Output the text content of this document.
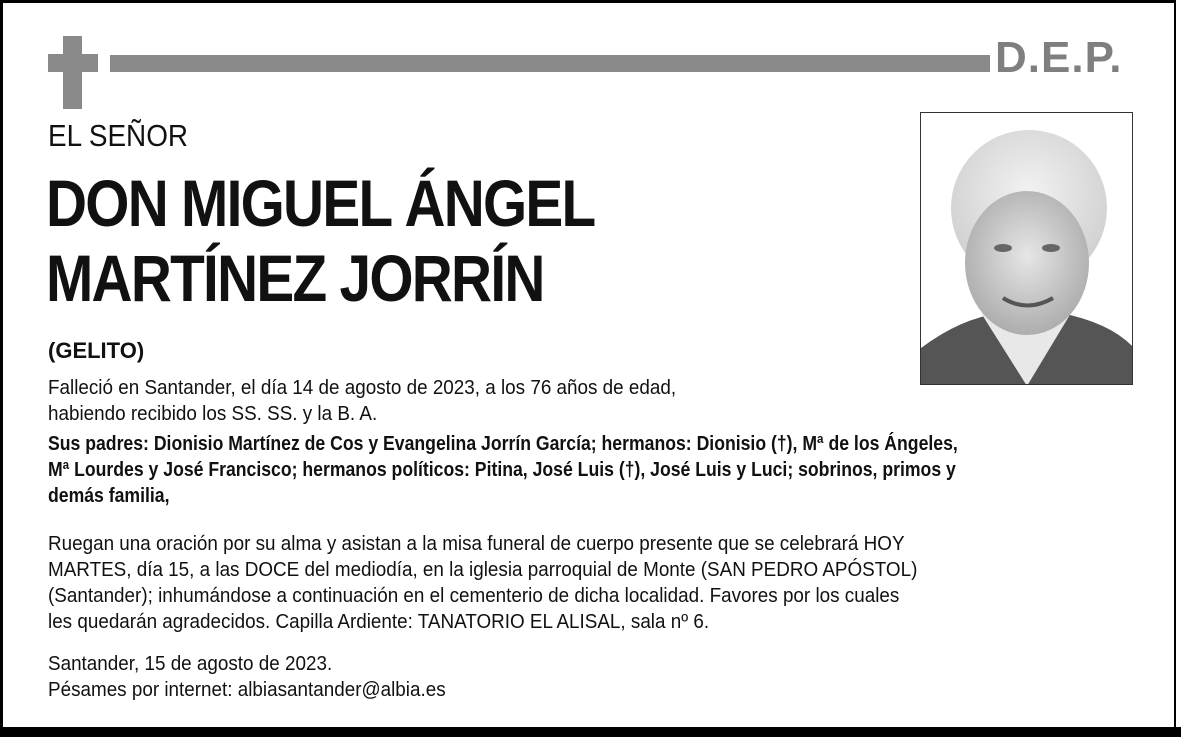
D.E.P.
EL SEÑOR
DON MIGUEL ÁNGEL
MARTÍNEZ JORRÍN
(GELITO)
Falleció en Santander, el día 14 de agosto de 2023, a los 76 años de edad,
habiendo recibido los SS. SS. y la B. A.
Sus padres: Dionisio Martínez de Cos y Evangelina Jorrín García; hermanos: Dionisio (†), Mª de los Ángeles,
Mª Lourdes y José Francisco; hermanos políticos: Pitina, José Luis (†), José Luis y Luci; sobrinos, primos y
demás familia,
Ruegan una oración por su alma y asistan a la misa funeral de cuerpo presente que se celebrará HOY
MARTES, día 15, a las DOCE del mediodía, en la iglesia parroquial de Monte (SAN PEDRO APÓSTOL)
(Santander); inhumándose a continuación en el cementerio de dicha localidad. Favores por los cuales
les quedarán agradecidos. Capilla Ardiente: TANATORIO EL ALISAL, sala nº 6.
Santander, 15 de agosto de 2023.
Pésames por internet: albiasantander@albia.es
